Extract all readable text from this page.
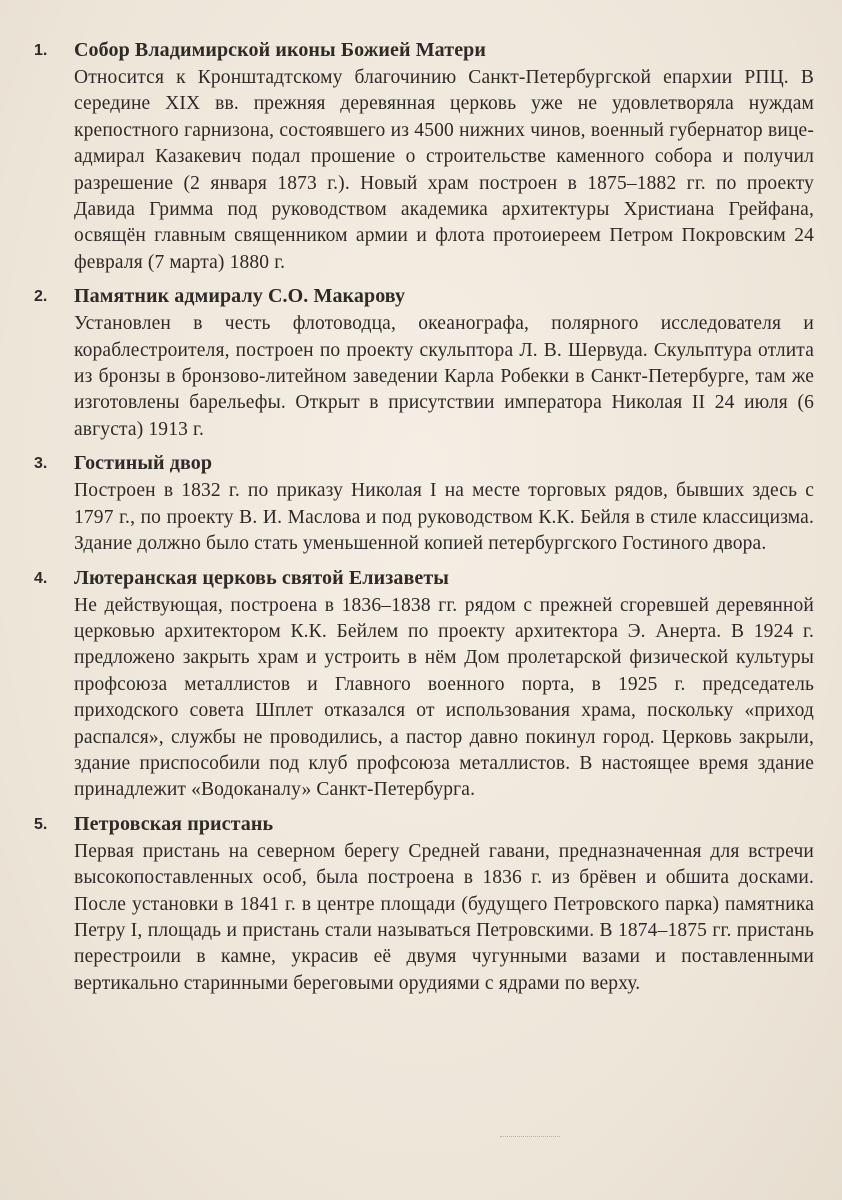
1. Собор Владимирской иконы Божией Матери
Относится к Кронштадтскому благочинию Санкт-Петербургской епархии РПЦ. В середине XIX вв. прежняя деревянная церковь уже не удовлетворяла нуждам крепостного гарнизона, состоявшего из 4500 нижних чинов, военный губернатор вице-адмирал Казакевич подал прошение о строительстве каменного собора и получил разрешение (2 января 1873 г.). Новый храм построен в 1875–1882 гг. по проекту Давида Гримма под руководством академика архитектуры Христиана Грейфана, освящён главным священником армии и флота протоиереем Петром Покровским 24 февраля (7 марта) 1880 г.
2. Памятник адмиралу С.О. Макарову
Установлен в честь флотоводца, океанографа, полярного исследователя и кораблестроителя, построен по проекту скульптора Л. В. Шервуда. Скульптура отлита из бронзы в бронзово-литейном заведении Карла Робекки в Санкт-Петербурге, там же изготовлены барельефы. Открыт в присутствии императора Николая II 24 июля (6 августа) 1913 г.
3. Гостиный двор
Построен в 1832 г. по приказу Николая I на месте торговых рядов, бывших здесь с 1797 г., по проекту В. И. Маслова и под руководством К.К. Бейля в стиле классицизма. Здание должно было стать уменьшенной копией петербургского Гостиного двора.
4. Лютеранская церковь святой Елизаветы
Не действующая, построена в 1836–1838 гг. рядом с прежней сгоревшей деревянной церковью архитектором К.К. Бейлем по проекту архитектора Э. Анерта. В 1924 г. предложено закрыть храм и устроить в нём Дом пролетарской физической культуры профсоюза металлистов и Главного военного порта, в 1925 г. председатель приходского совета Шплет отказался от использования храма, поскольку «приход распался», службы не проводились, а пастор давно покинул город. Церковь закрыли, здание приспособили под клуб профсоюза металлистов. В настоящее время здание принадлежит «Водоканалу» Санкт-Петербурга.
5. Петровская пристань
Первая пристань на северном берегу Средней гавани, предназначенная для встречи высокопоставленных особ, была построена в 1836 г. из брёвен и обшита досками. После установки в 1841 г. в центре площади (будущего Петровского парка) памятника Петру I, площадь и пристань стали называться Петровскими. В 1874–1875 гг. пристань перестроили в камне, украсив её двумя чугунными вазами и поставленными вертикально старинными береговыми орудиями с ядрами по верху.
